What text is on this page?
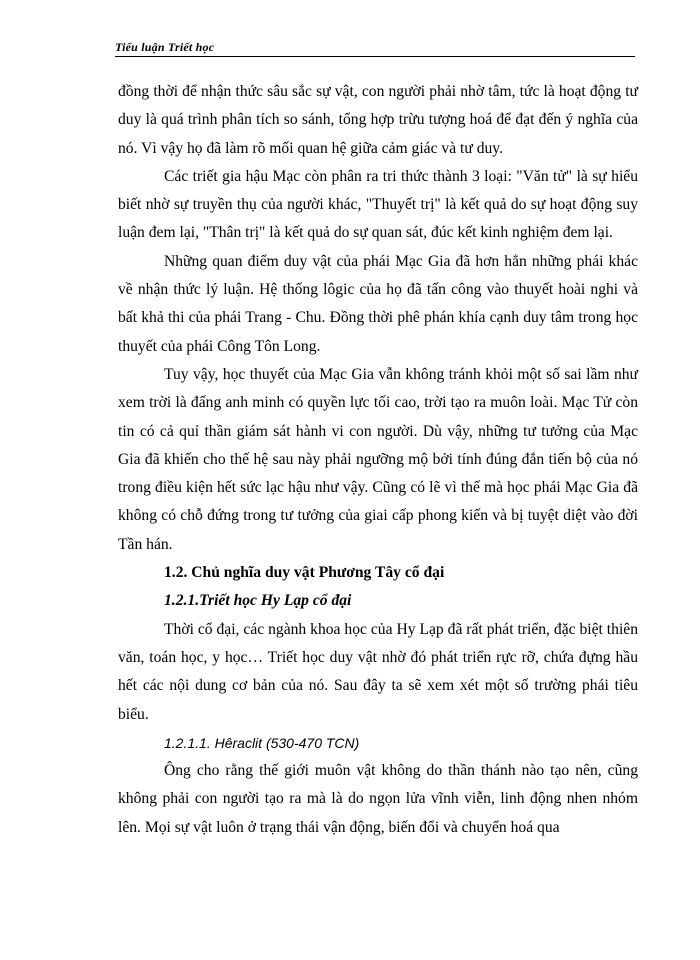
Tiểu luận Triết học

đồng thời để nhận thức sâu sắc sự vật, con người phải nhờ tâm, tức là hoạt động tư duy là quá trình phân tích so sánh, tổng hợp trừu tượng hoá để đạt đến ý nghĩa của nó. Vì vậy họ đã làm rõ mối quan hệ giữa cảm giác và tư duy.

Các triết gia hậu Mạc còn phân ra tri thức thành 3 loại: "Văn tử" là sự hiểu biết nhờ sự truyền thụ của người khác, "Thuyết trị" là kết quả do sự hoạt động suy luận đem lại, "Thân trị" là kết quả do sự quan sát, đúc kết kinh nghiệm đem lại.

Những quan điểm duy vật của phái Mạc Gia đã hơn hẳn những phái khác về nhận thức lý luận. Hệ thống lôgic của họ đã tấn công vào thuyết hoài nghi và bất khả thi của phái Trang - Chu. Đồng thời phê phán khía cạnh duy tâm trong học thuyết của phái Công Tôn Long.

Tuy vậy, học thuyết của Mạc Gia vẫn không tránh khỏi một số sai lầm như xem trời là đấng anh minh có quyền lực tối cao, trời tạo ra muôn loài. Mạc Tử còn tin có cả quỉ thần giám sát hành vi con người. Dù vậy, những tư tưởng của Mạc Gia đã khiến cho thế hệ sau này phải ngưỡng mộ bởi tính đúng đắn tiến bộ của nó trong điều kiện hết sức lạc hậu như vậy. Cũng có lẽ vì thế mà học phái Mạc Gia đã không có chỗ đứng trong tư tưởng của giai cấp phong kiến và bị tuyệt diệt vào đời Tần hán.

1.2. Chủ nghĩa duy vật Phương Tây cổ đại

1.2.1.Triết học Hy Lạp cổ đại

Thời cổ đại, các ngành khoa học của Hy Lạp đã rất phát triển, đặc biệt thiên văn, toán học, y học… Triết học duy vật nhờ đó phát triển rực rỡ, chứa đựng hầu hết các nội dung cơ bản của nó. Sau đây ta sẽ xem xét một số trường phái tiêu biểu.

1.2.1.1. Hêraclit (530-470 TCN)

Ông cho rằng thế giới muôn vật không do thần thánh nào tạo nên, cũng không phải con người tạo ra mà là do ngọn lửa vĩnh viễn, linh động nhen nhóm lên. Mọi sự vật luôn ở trạng thái vận động, biến đổi và chuyển hoá qua
